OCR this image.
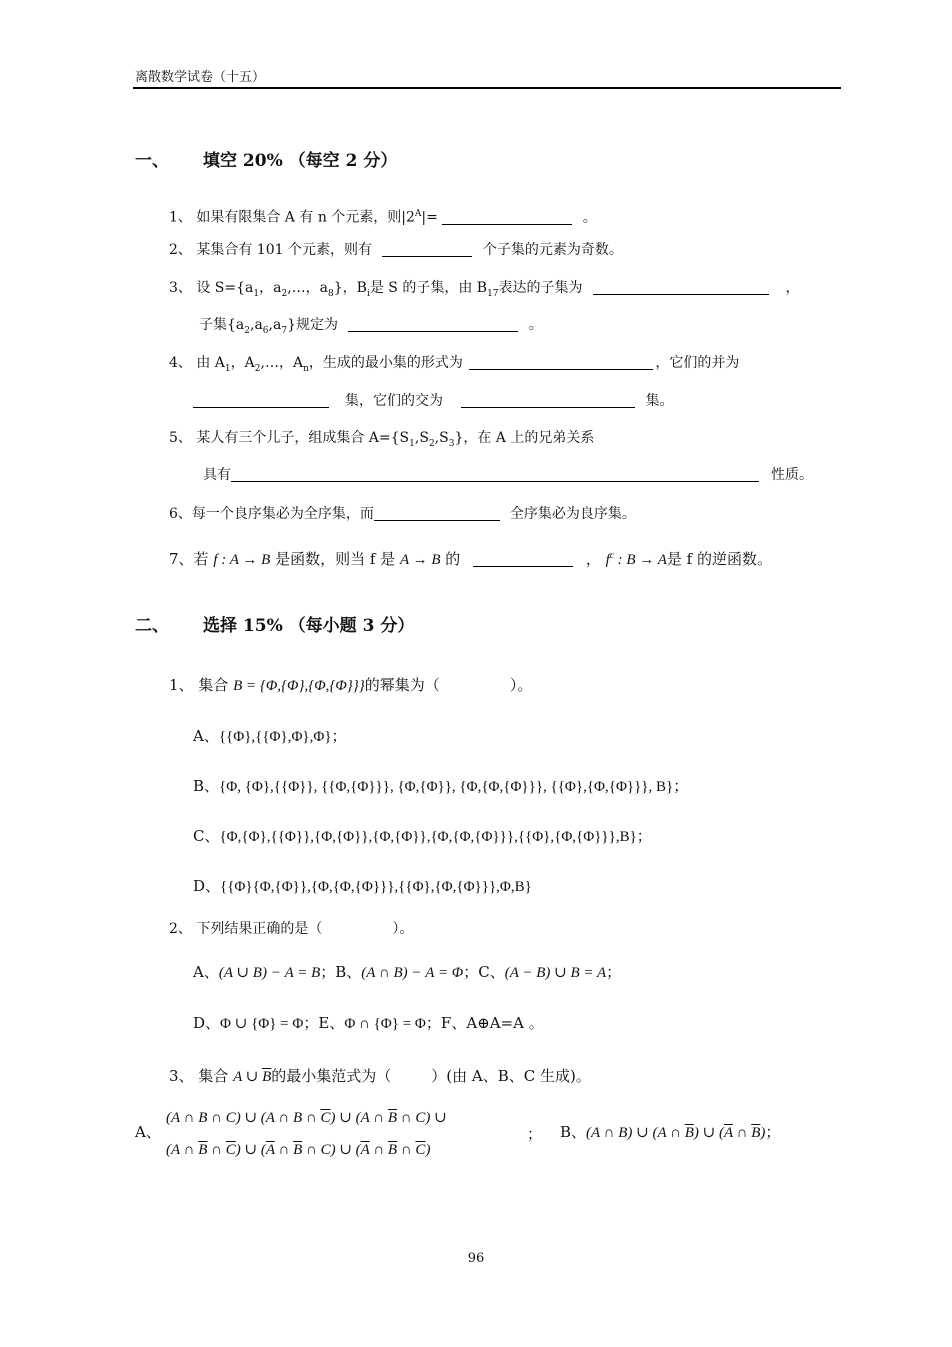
离散数学试卷（十五）
一、 填空 20% （每空 2 分）
1、 如果有限集合 A 有 n 个元素，则$|2^A|=$	。
2、 某集合有 101 个元素，则有	个子集的元素为奇数。
3、 设 $S=\{a_1$，$a_2,\dots$，$a_8$}，$B_i$是 S 的子集，由 $B_{17}$表达的子集为	，
子集$\{a_2,a_6,a_7\}$规定为	。
4、 由 $A_1$，$A_2,\dots$，$A_n$，生成的最小集的形式为	，它们的并为
集，它们的交为	集。
5、 某人有三个儿子，组成集合 $A=\{S_1,S_2,S_3\}$，在 A 上的兄弟关系
具有	性质。
6、每一个良序集必为全序集，而	全序集必为良序集。
7、若 f : A → B 是函数，则当 f 是 A → B 的	， $f^c$ : B → A是 f 的逆函数。
二、 选择 15% （每小题 3 分）
1、 集合 B = {Φ,{Φ},{Φ,{Φ}}}的幂集为（	）。
A、{{Φ},{{Φ},Φ},Φ}；
B、{Φ, {Φ},{{Φ}}, {{Φ,{Φ}}}, {Φ,{Φ}}, {Φ,{Φ,{Φ}}}, {{Φ},{Φ,{Φ}}}, B}；
C、{Φ,{Φ},{{Φ}},{Φ,{Φ}},{Φ,{Φ}},{Φ,{Φ,{Φ}}},{{Φ},{Φ,{Φ}}},B}；
D、{{Φ}{Φ,{Φ}},{Φ,{Φ,{Φ}}},{{Φ},{Φ,{Φ}}},Φ,B}
2、 下列结果正确的是（	）。
A、(A ∪ B) − A = B；B、(A ∩ B) − A = Φ；C、(A − B) ∪ B = A；
D、Φ ∪ {Φ} = Φ；E、Φ ∩ {Φ} = Φ；F、A⊕A=A 。
3、 集合 A ∪ $\overline{B}$的最小集范式为（	）(由 A、B、C 生成)。
A、
(A ∩ B ∩ C) ∪ (A ∩ B ∩ $\overline{C}$) ∪ (A ∩ $\overline{B}$ ∩ C) ∪
(A ∩ $\overline{B}$ ∩ $\overline{C}$) ∪ ($\overline{A}$ ∩ $\overline{B}$ ∩ C) ∪ ($\overline{A}$ ∩ $\overline{B}$ ∩ $\overline{C}$)
； B、(A ∩ B) ∪ (A ∩ $\overline{B}$) ∪ ($\overline{A}$ ∩ $\overline{B}$)；
96
